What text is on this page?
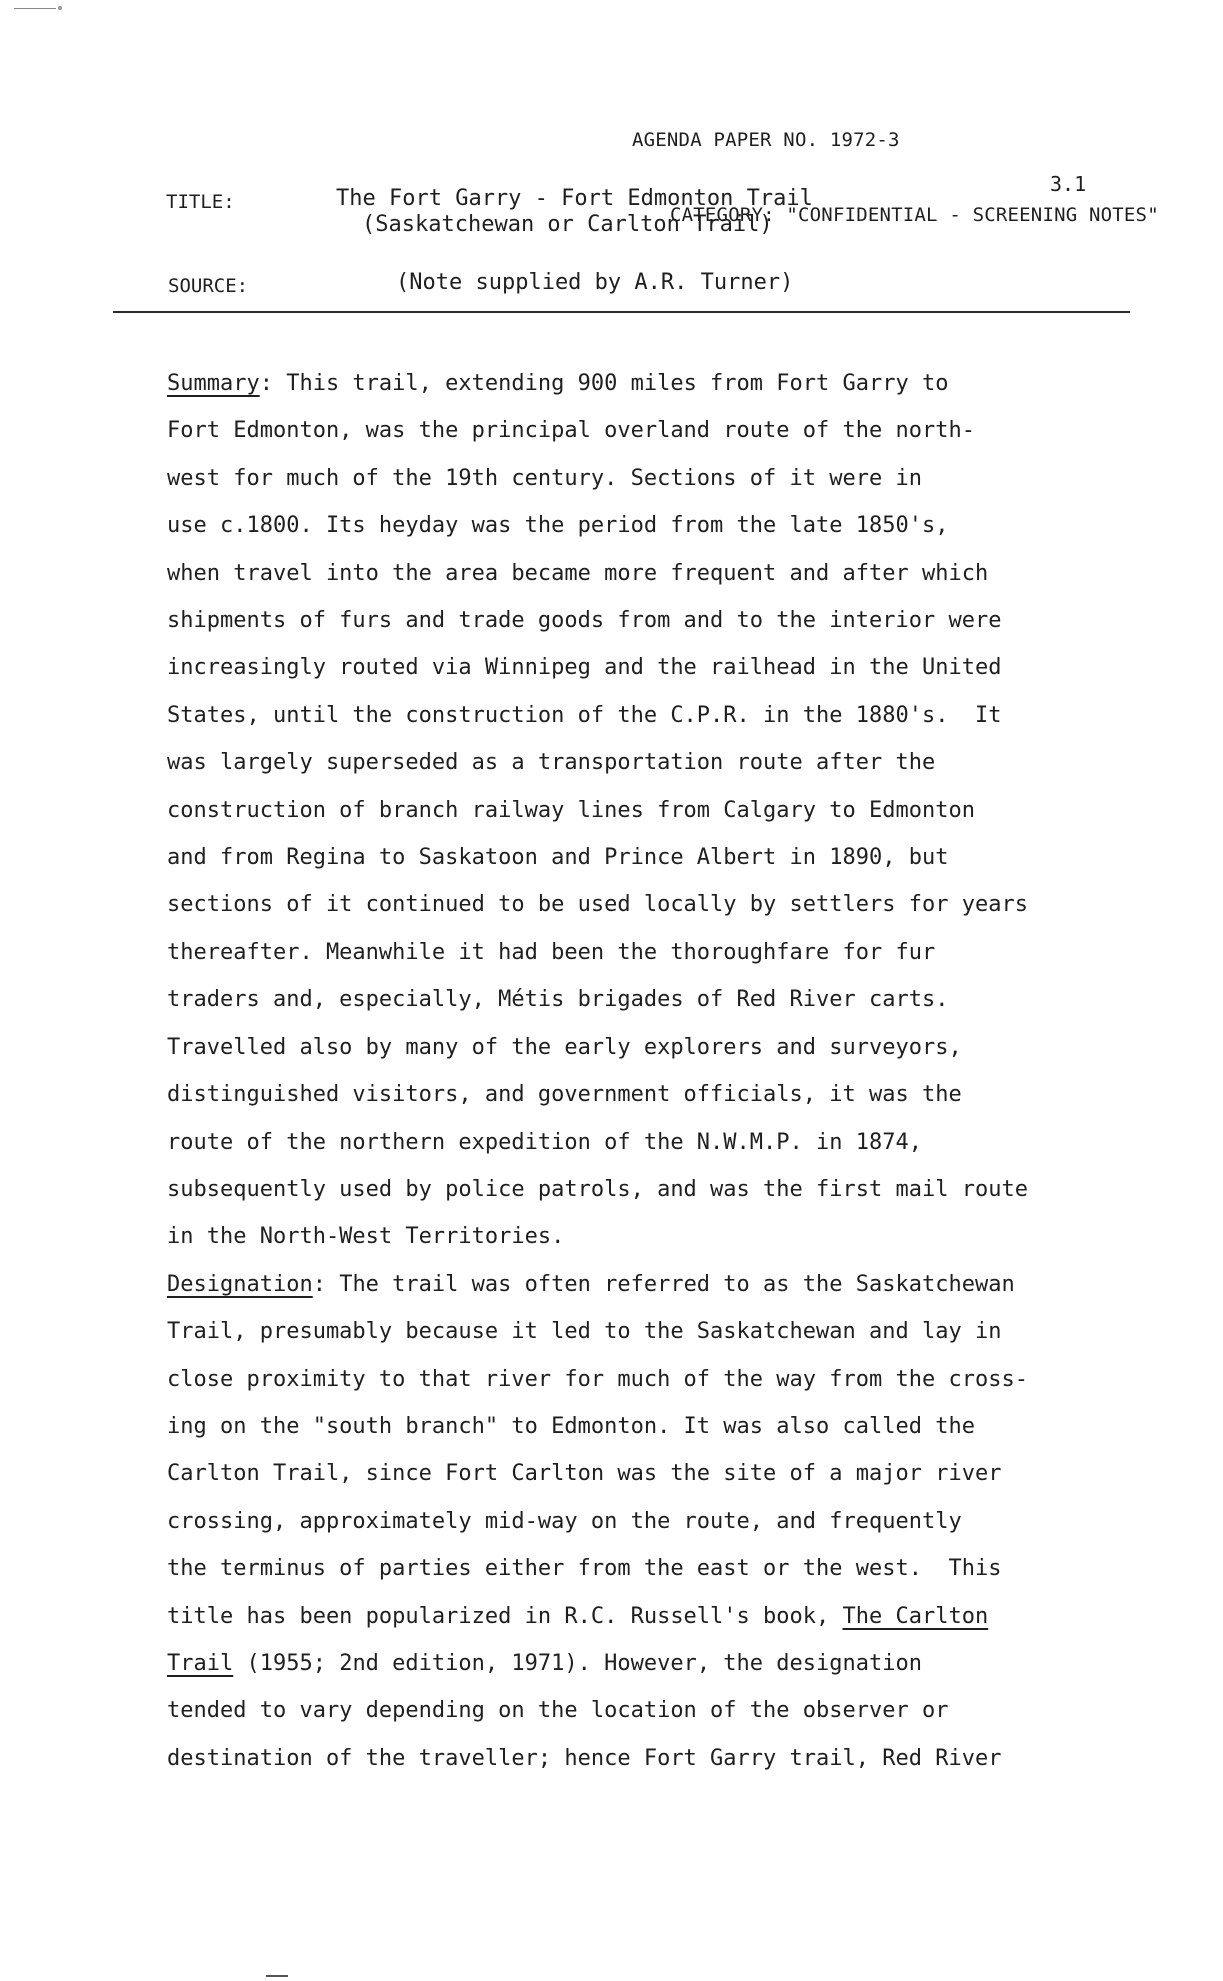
AGENDA PAPER NO. 1972-3

CATEGORY: "CONFIDENTIAL - SCREENING NOTES"

3.1
TITLE:	The Fort Garry - Fort Edmonton Trail
(Saskatchewan or Carlton Trail)
SOURCE:	(Note supplied by A.R. Turner)
Summary: This trail, extending 900 miles from Fort Garry to
Fort Edmonton, was the principal overland route of the north-
west for much of the 19th century. Sections of it were in
use c.1800. Its heyday was the period from the late 1850's,
when travel into the area became more frequent and after which
shipments of furs and trade goods from and to the interior were
increasingly routed via Winnipeg and the railhead in the United
States, until the construction of the C.P.R. in the 1880's.  It
was largely superseded as a transportation route after the
construction of branch railway lines from Calgary to Edmonton
and from Regina to Saskatoon and Prince Albert in 1890, but
sections of it continued to be used locally by settlers for years
thereafter. Meanwhile it had been the thoroughfare for fur
traders and, especially, Métis brigades of Red River carts.
Travelled also by many of the early explorers and surveyors,
distinguished visitors, and government officials, it was the
route of the northern expedition of the N.W.M.P. in 1874,
subsequently used by police patrols, and was the first mail route
in the North-West Territories.
Designation: The trail was often referred to as the Saskatchewan
Trail, presumably because it led to the Saskatchewan and lay in
close proximity to that river for much of the way from the cross-
ing on the "south branch" to Edmonton. It was also called the
Carlton Trail, since Fort Carlton was the site of a major river
crossing, approximately mid-way on the route, and frequently
the terminus of parties either from the east or the west.  This
title has been popularized in R.C. Russell's book, The Carlton
Trail (1955; 2nd edition, 1971). However, the designation
tended to vary depending on the location of the observer or
destination of the traveller; hence Fort Garry trail, Red River
